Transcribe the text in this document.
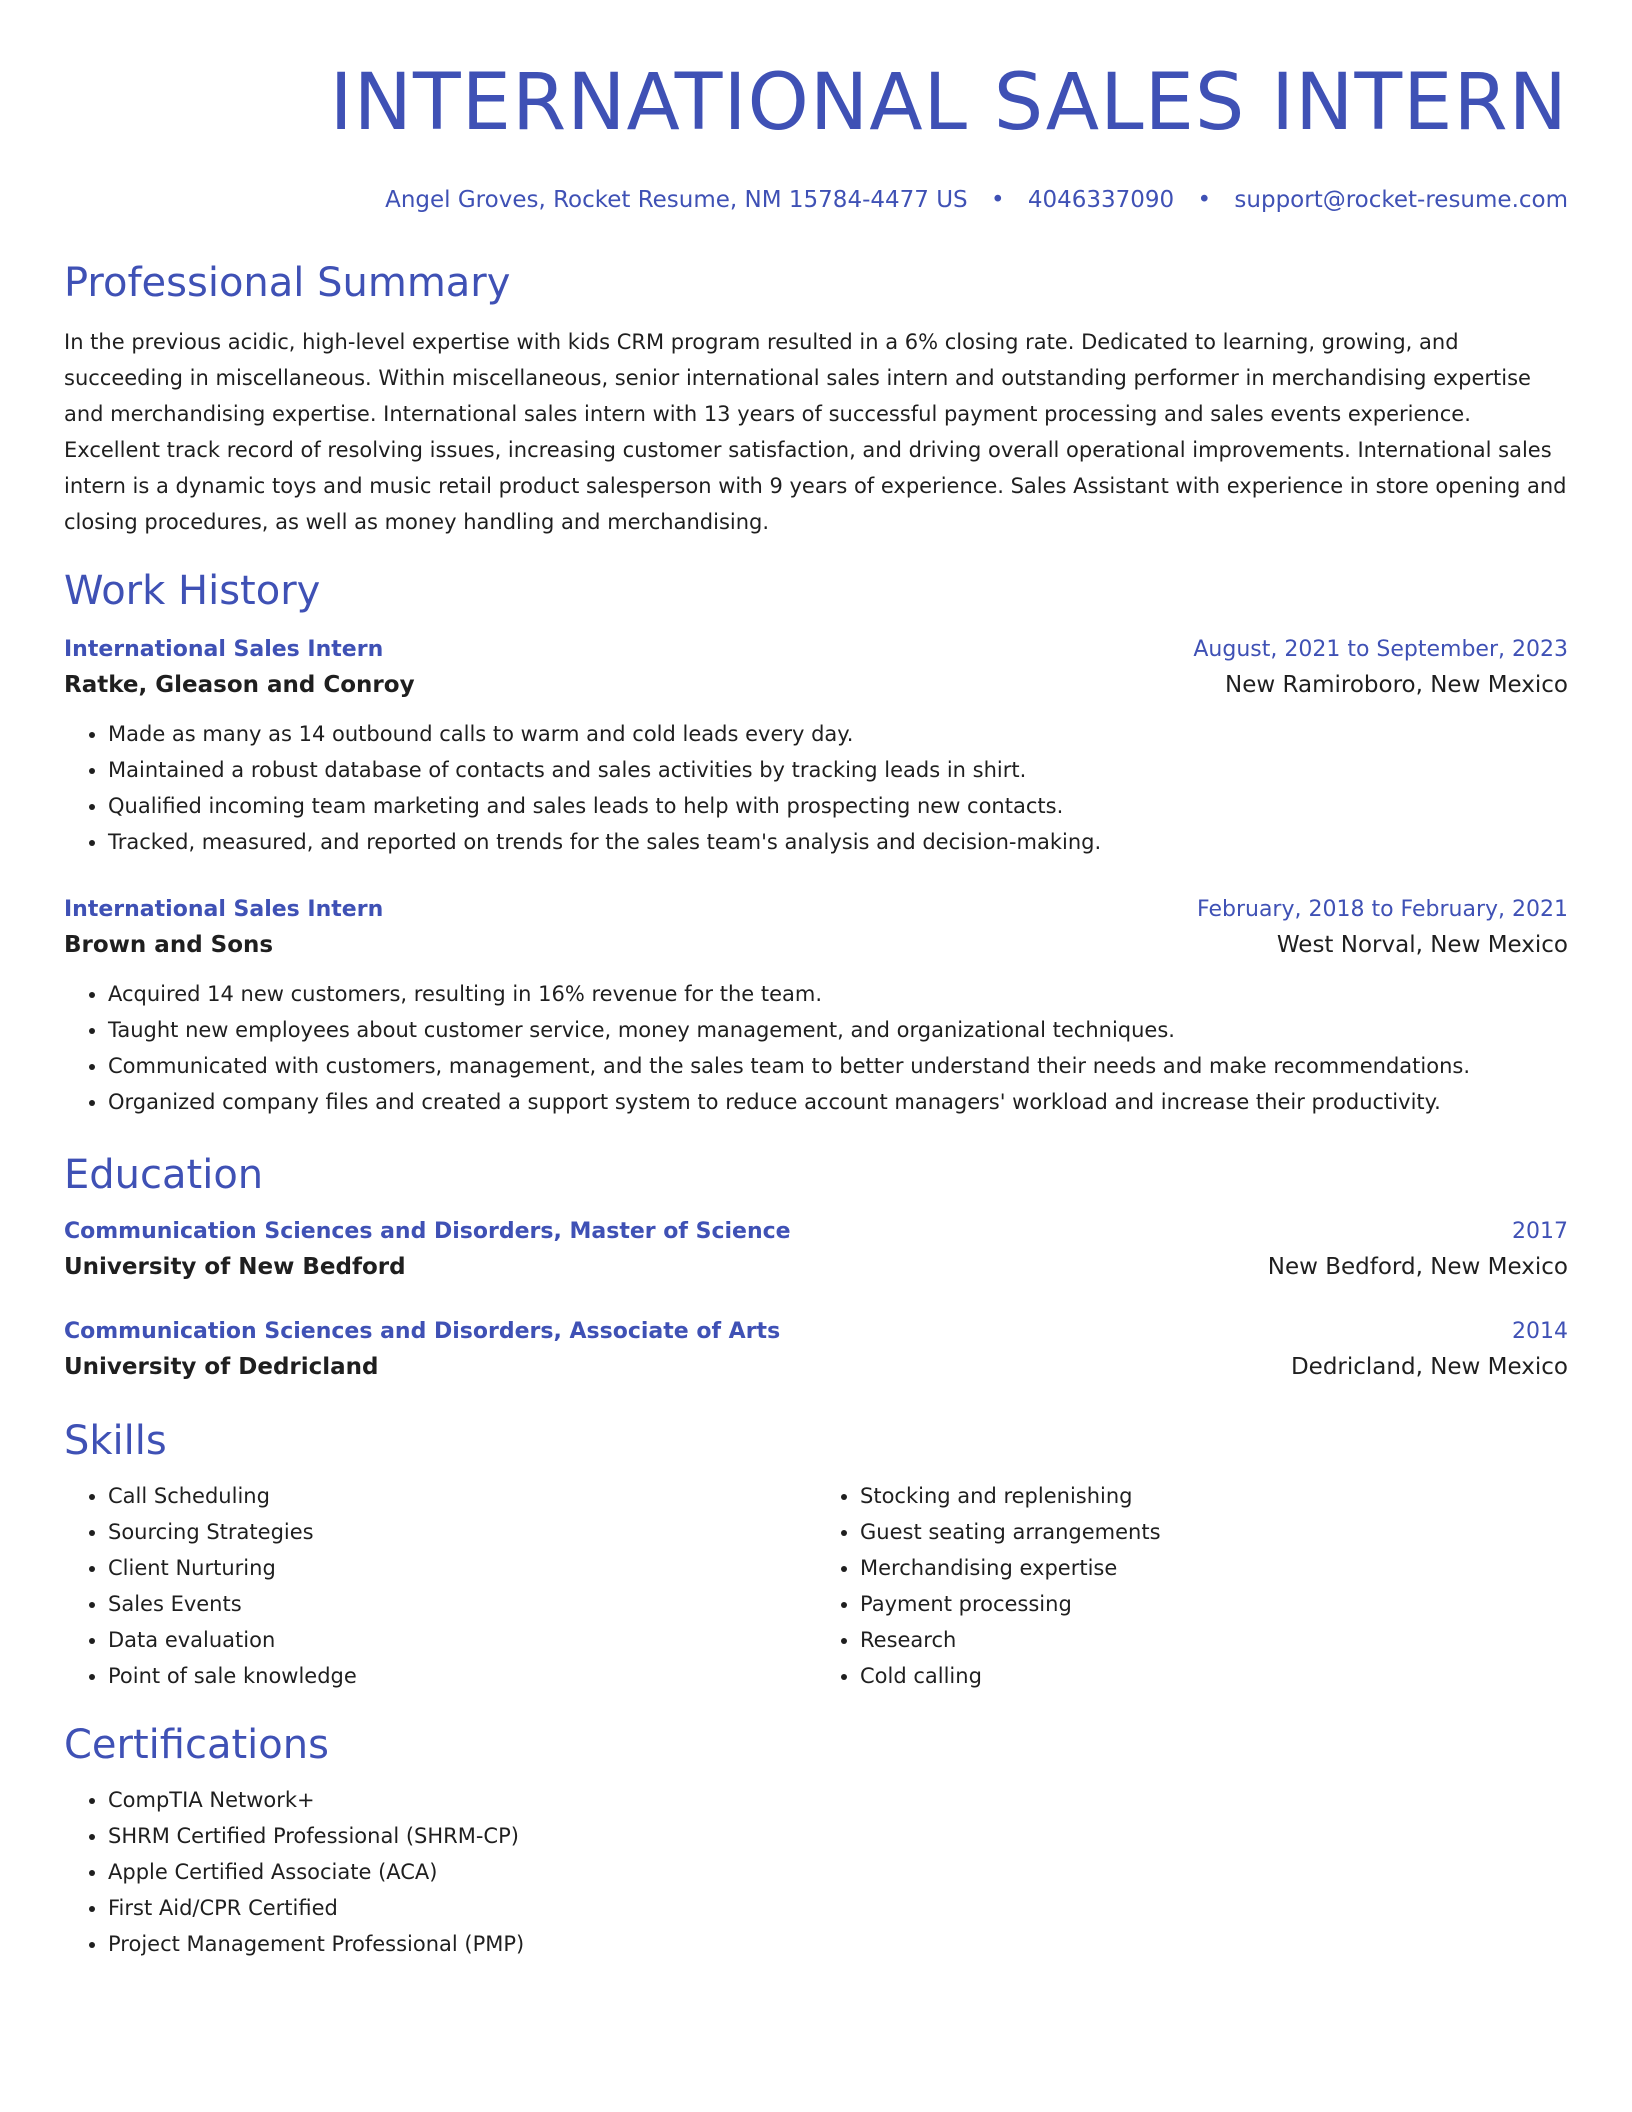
INTERNATIONAL SALES INTERN
Angel Groves, Rocket Resume, NM 15784-4477 US • 4046337090 • support@rocket-resume.com
Professional Summary
In the previous acidic, high-level expertise with kids CRM program resulted in a 6% closing rate. Dedicated to learning, growing, and succeeding in miscellaneous. Within miscellaneous, senior international sales intern and outstanding performer in merchandising expertise and merchandising expertise. International sales intern with 13 years of successful payment processing and sales events experience. Excellent track record of resolving issues, increasing customer satisfaction, and driving overall operational improvements. International sales intern is a dynamic toys and music retail product salesperson with 9 years of experience. Sales Assistant with experience in store opening and closing procedures, as well as money handling and merchandising.
Work History
International Sales Intern	August, 2021 to September, 2023
Ratke, Gleason and Conroy	New Ramiroboro, New Mexico
• Made as many as 14 outbound calls to warm and cold leads every day.
• Maintained a robust database of contacts and sales activities by tracking leads in shirt.
• Qualified incoming team marketing and sales leads to help with prospecting new contacts.
• Tracked, measured, and reported on trends for the sales team's analysis and decision-making.
International Sales Intern	February, 2018 to February, 2021
Brown and Sons	West Norval, New Mexico
• Acquired 14 new customers, resulting in 16% revenue for the team.
• Taught new employees about customer service, money management, and organizational techniques.
• Communicated with customers, management, and the sales team to better understand their needs and make recommendations.
• Organized company files and created a support system to reduce account managers' workload and increase their productivity.
Education
Communication Sciences and Disorders, Master of Science	2017
University of New Bedford	New Bedford, New Mexico
Communication Sciences and Disorders, Associate of Arts	2014
University of Dedricland	Dedricland, New Mexico
Skills
• Call Scheduling
• Sourcing Strategies
• Client Nurturing
• Sales Events
• Data evaluation
• Point of sale knowledge
• Stocking and replenishing
• Guest seating arrangements
• Merchandising expertise
• Payment processing
• Research
• Cold calling
Certifications
• CompTIA Network+
• SHRM Certified Professional (SHRM-CP)
• Apple Certified Associate (ACA)
• First Aid/CPR Certified
• Project Management Professional (PMP)
